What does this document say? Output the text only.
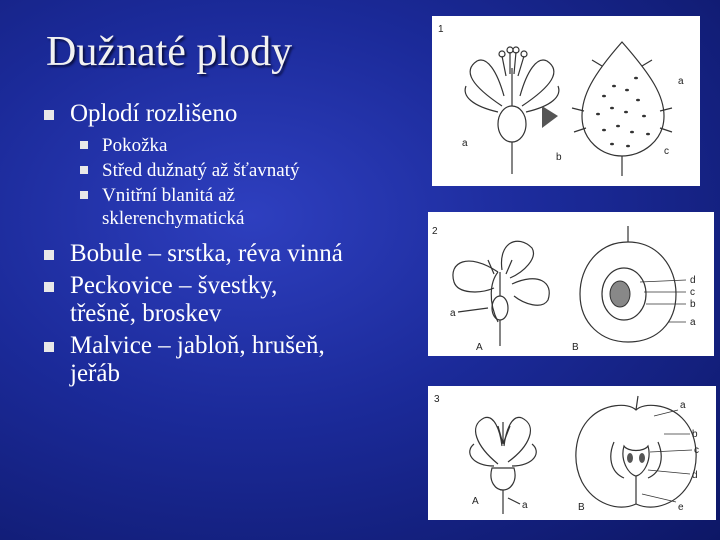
Dužnaté plody
Oplodí rozlišeno
Pokožka
Střed dužnatý až šťavnatý
Vnitřní blanitá až sklerenchymatická
Bobule – srstka, réva vinná
Peckovice – švestky, třešně, broskev
Malvice – jabloň, hrušeň, jeřáb
1
a
a
b
c
2
a
A
d
c
b
a
B
3
a
A
a
b
c
d
e
B
